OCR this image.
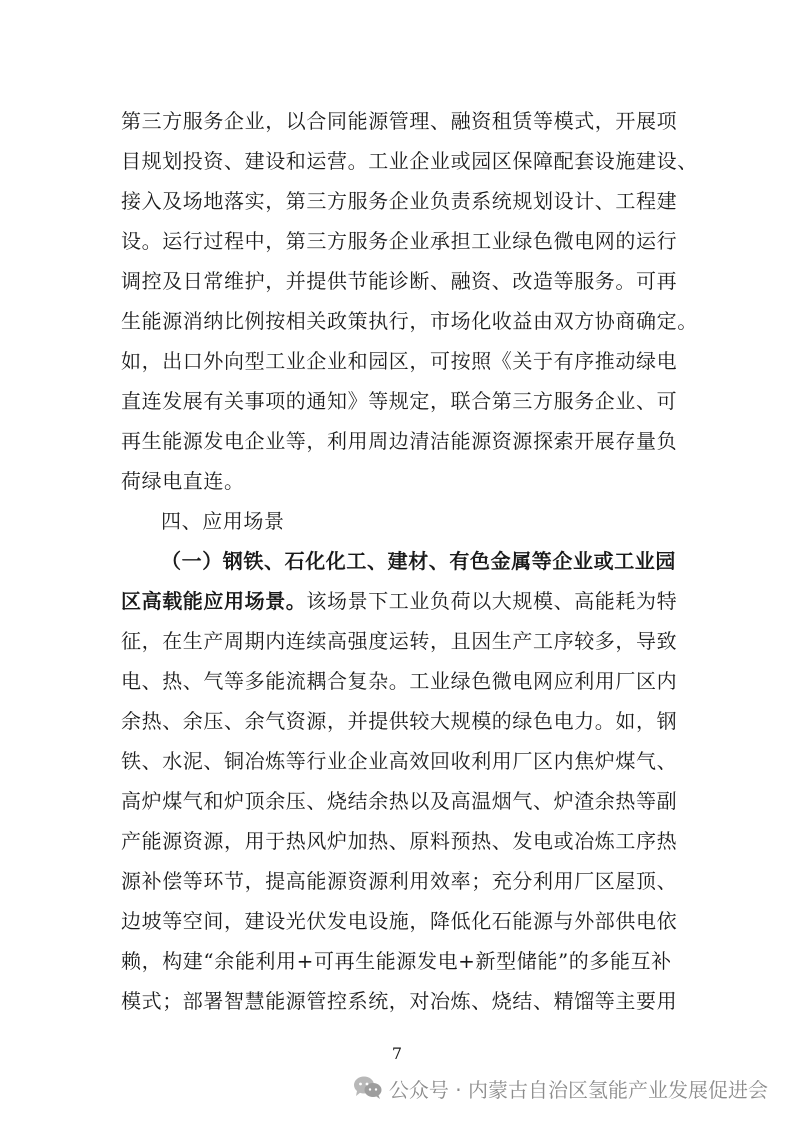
第三方服务企业，以合同能源管理、融资租赁等模式，开展项
目规划投资、建设和运营。工业企业或园区保障配套设施建设、
接入及场地落实，第三方服务企业负责系统规划设计、工程建
设。运行过程中，第三方服务企业承担工业绿色微电网的运行
调控及日常维护，并提供节能诊断、融资、改造等服务。可再
生能源消纳比例按相关政策执行，市场化收益由双方协商确定。
如，出口外向型工业企业和园区，可按照《关于有序推动绿电
直连发展有关事项的通知》等规定，联合第三方服务企业、可
再生能源发电企业等，利用周边清洁能源资源探索开展存量负
荷绿电直连。
四、应用场景
（一）钢铁、石化化工、建材、有色金属等企业或工业园
区高载能应用场景。该场景下工业负荷以大规模、高能耗为特
征，在生产周期内连续高强度运转，且因生产工序较多，导致
电、热、气等多能流耦合复杂。工业绿色微电网应利用厂区内
余热、余压、余气资源，并提供较大规模的绿色电力。如，钢
铁、水泥、铜冶炼等行业企业高效回收利用厂区内焦炉煤气、
高炉煤气和炉顶余压、烧结余热以及高温烟气、炉渣余热等副
产能源资源，用于热风炉加热、原料预热、发电或冶炼工序热
源补偿等环节，提高能源资源利用效率；充分利用厂区屋顶、
边坡等空间，建设光伏发电设施，降低化石能源与外部供电依
赖，构建“余能利用+可再生能源发电+新型储能”的多能互补
模式；部署智慧能源管控系统，对冶炼、烧结、精馏等主要用
7
公众号 · 内蒙古自治区氢能产业发展促进会
